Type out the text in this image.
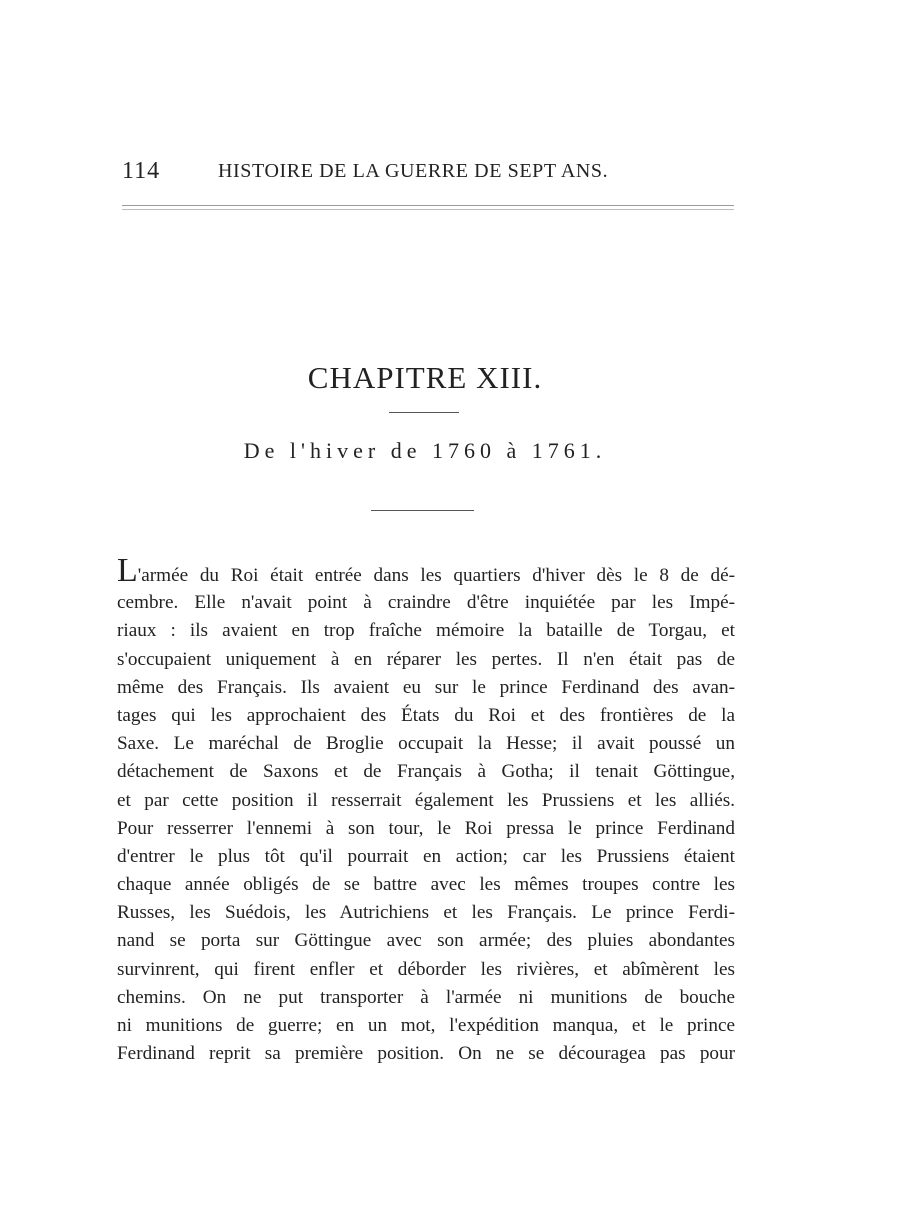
114	HISTOIRE DE LA GUERRE DE SEPT ANS.
CHAPITRE XIII.
De l'hiver de 1760 à 1761.
L'armée du Roi était entrée dans les quartiers d'hiver dès le 8 de dé-
cembre. Elle n'avait point à craindre d'être inquiétée par les Impé-
riaux : ils avaient en trop fraîche mémoire la bataille de Torgau, et
s'occupaient uniquement à en réparer les pertes. Il n'en était pas de
même des Français. Ils avaient eu sur le prince Ferdinand des avan-
tages qui les approchaient des États du Roi et des frontières de la
Saxe. Le maréchal de Broglie occupait la Hesse; il avait poussé un
détachement de Saxons et de Français à Gotha; il tenait Göttingue,
et par cette position il resserrait également les Prussiens et les alliés.
Pour resserrer l'ennemi à son tour, le Roi pressa le prince Ferdinand
d'entrer le plus tôt qu'il pourrait en action; car les Prussiens étaient
chaque année obligés de se battre avec les mêmes troupes contre les
Russes, les Suédois, les Autrichiens et les Français. Le prince Ferdi-
nand se porta sur Göttingue avec son armée; des pluies abondantes
survinrent, qui firent enfler et déborder les rivières, et abîmèrent les
chemins. On ne put transporter à l'armée ni munitions de bouche
ni munitions de guerre; en un mot, l'expédition manqua, et le prince
Ferdinand reprit sa première position. On ne se découragea pas pour
